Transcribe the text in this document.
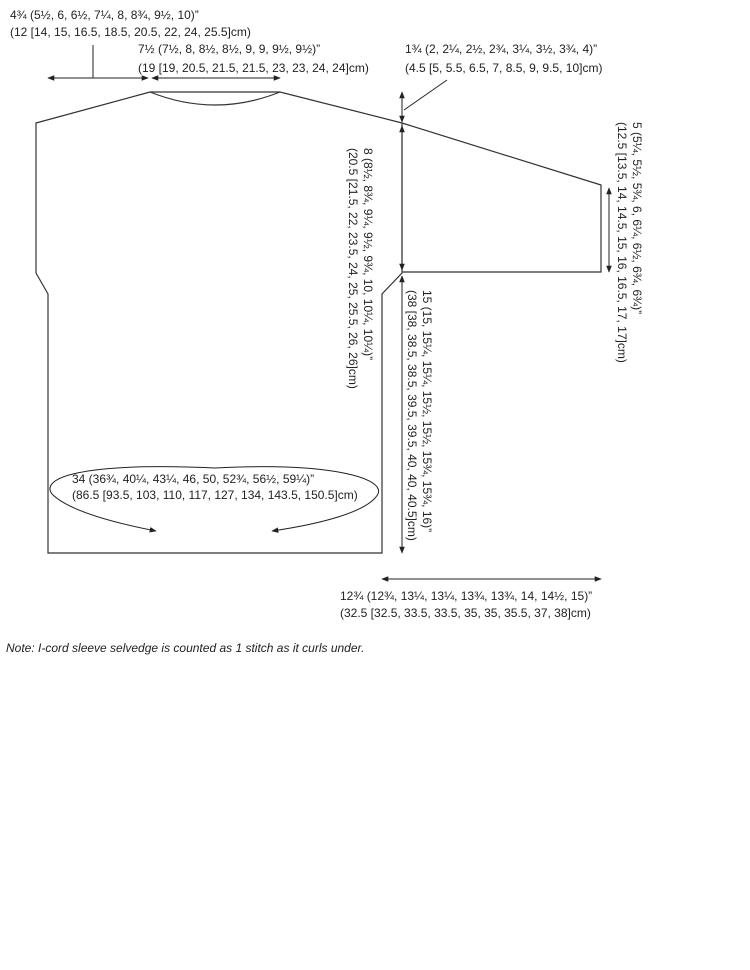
4¾ (5½, 6, 6½, 7¼, 8, 8¾, 9½, 10)”
(12 [14, 15, 16.5, 18.5, 20.5, 22, 24, 25.5]cm)
7½ (7½, 8, 8½, 8½, 9, 9, 9½, 9½)”
(19 [19, 20.5, 21.5, 21.5, 23, 23, 24, 24]cm)
1¾ (2, 2¼, 2½, 2¾, 3¼, 3½, 3¾, 4)”
(4.5 [5, 5.5, 6.5, 7, 8.5, 9, 9.5, 10]cm)
8 (8½, 8¾, 9¼, 9½, 9¾, 10, 10¼, 10¼)”
(20.5 [21.5, 22, 23.5, 24, 25, 25.5, 26, 26]cm)	5 (5¼, 5½, 5¾, 6, 6¼, 6½, 6¾, 6¾)”
(12.5 [13.5, 14, 14.5, 15, 16, 16.5, 17, 17]cm)
15 (15, 15¼, 15¼, 15½, 15½, 15¾, 15¾, 16)”
(38 [38, 38.5, 38.5, 39.5, 39.5, 40, 40, 40.5]cm)
34 (36¾, 40¼, 43¼, 46, 50, 52¾, 56½, 59¼)”
(86.5 [93.5, 103, 110, 117, 127, 134, 143.5, 150.5]cm)
12¾ (12¾, 13¼, 13¼, 13¾, 13¾, 14, 14½, 15)”
(32.5 [32.5, 33.5, 33.5, 35, 35, 35.5, 37, 38]cm)
Note: I-cord sleeve selvedge is counted as 1 stitch as it curls under.
